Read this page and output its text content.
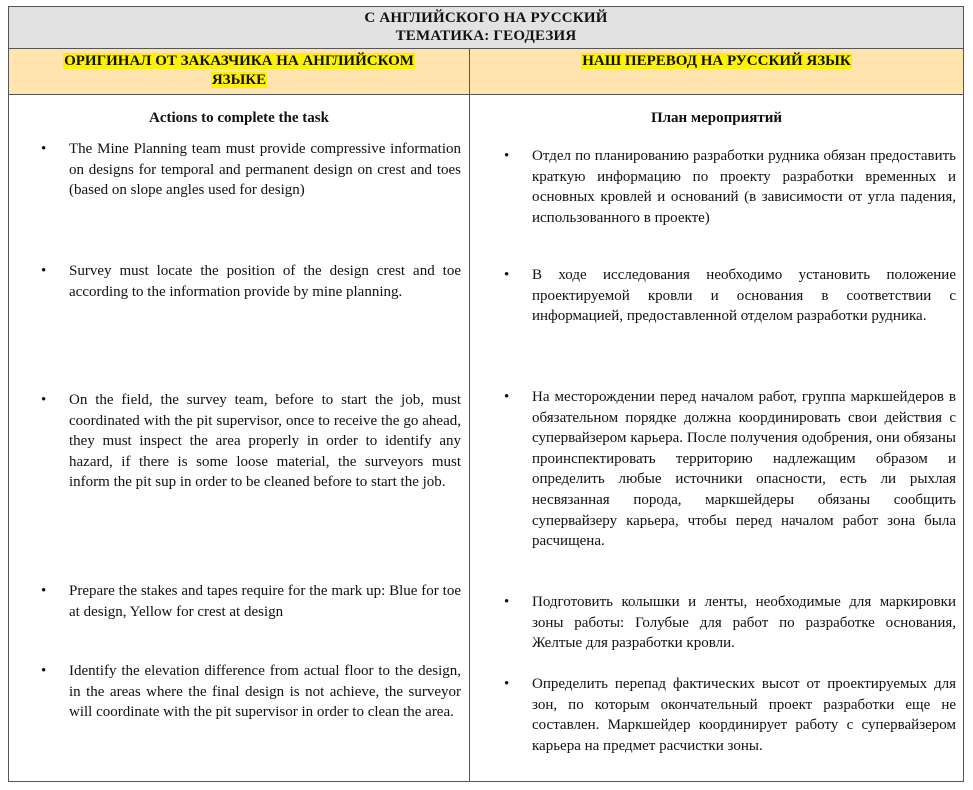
С АНГЛИЙСКОГО НА РУССКИЙ
ТЕМАТИКА: ГЕОДЕЗИЯ
ОРИГИНАЛ ОТ ЗАКАЗЧИКА НА АНГЛИЙСКОМ
ЯЗЫКЕ
НАШ ПЕРЕВОД НА РУССКИЙ ЯЗЫК
Actions to complete the task
• The Mine Planning team must provide compressive information on designs for temporal and permanent design on crest and toes (based on slope angles used for design)
• Survey must locate the position of the design crest and toe according to the information provide by mine planning.
• On the field, the survey team, before to start the job, must coordinated with the pit supervisor, once to receive the go ahead, they must inspect the area properly in order to identify any hazard, if there is some loose material, the surveyors must inform the pit sup in order to be cleaned before to start the job.
• Prepare the stakes and tapes require for the mark up: Blue for toe at design, Yellow for crest at design
• Identify the elevation difference from actual floor to the design, in the areas where the final design is not achieve, the surveyor will coordinate with the pit supervisor in order to clean the area.
План мероприятий
• Отдел по планированию разработки рудника обязан предоставить краткую информацию по проекту разработки временных и основных кровлей и оснований (в зависимости от угла падения, использованного в проекте)
• В ходе исследования необходимо установить положение проектируемой кровли и основания в соответствии с информацией, предоставленной отделом разработки рудника.
• На месторождении перед началом работ, группа маркшейдеров в обязательном порядке должна координировать свои действия с супервайзером карьера. После получения одобрения, они обязаны проинспектировать территорию надлежащим образом и определить любые источники опасности, есть ли рыхлая несвязанная порода, маркшейдеры обязаны сообщить супервайзеру карьера, чтобы перед началом работ зона была расчищена.
• Подготовить колышки и ленты, необходимые для маркировки зоны работы: Голубые для работ по разработке основания, Желтые для разработки кровли.
• Определить перепад фактических высот от проектируемых для зон, по которым окончательный проект разработки еще не составлен. Маркшейдер координирует работу с супервайзером карьера на предмет расчистки зоны.
